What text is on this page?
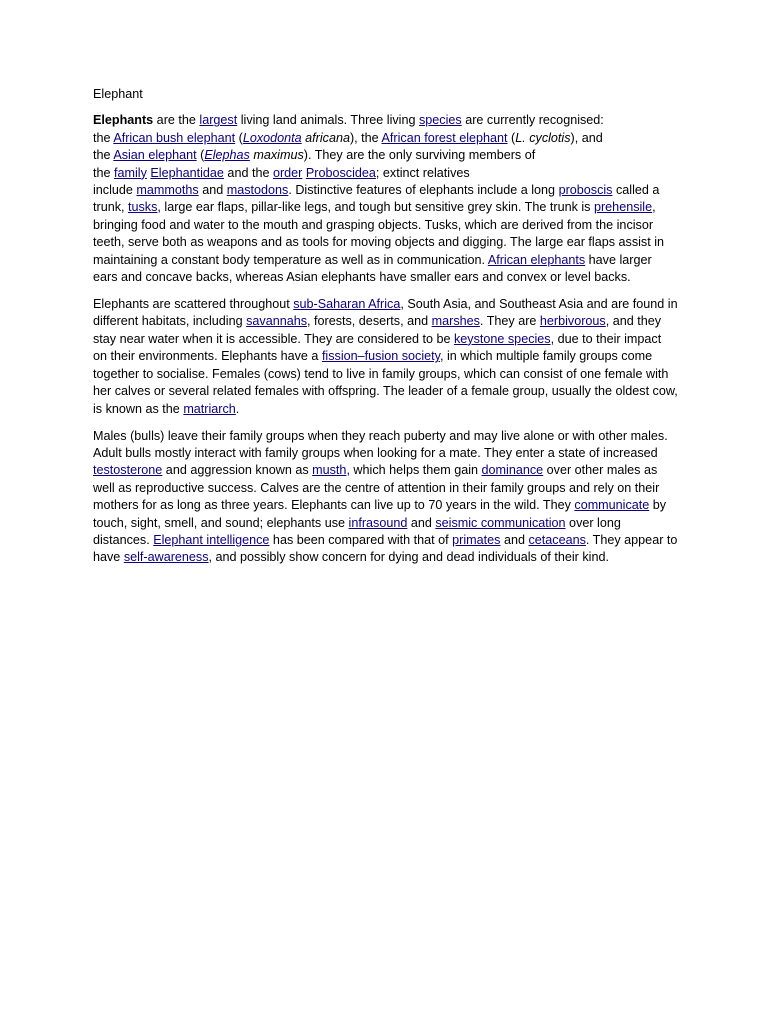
Elephant

Elephants are the largest living land animals. Three living species are currently recognised:
the African bush elephant (Loxodonta africana), the African forest elephant (L. cyclotis), and
the Asian elephant (Elephas maximus). They are the only surviving members of
the family Elephantidae and the order Proboscidea; extinct relatives
include mammoths and mastodons. Distinctive features of elephants include a long proboscis called a trunk, tusks, large ear flaps, pillar-like legs, and tough but sensitive grey skin. The trunk is prehensile, bringing food and water to the mouth and grasping objects. Tusks, which are derived from the incisor teeth, serve both as weapons and as tools for moving objects and digging. The large ear flaps assist in maintaining a constant body temperature as well as in communication. African elephants have larger ears and concave backs, whereas Asian elephants have smaller ears and convex or level backs.

Elephants are scattered throughout sub-Saharan Africa, South Asia, and Southeast Asia and are found in different habitats, including savannahs, forests, deserts, and marshes. They are herbivorous, and they stay near water when it is accessible. They are considered to be keystone species, due to their impact on their environments. Elephants have a fission–fusion society, in which multiple family groups come together to socialise. Females (cows) tend to live in family groups, which can consist of one female with her calves or several related females with offspring. The leader of a female group, usually the oldest cow, is known as the matriarch.

Males (bulls) leave their family groups when they reach puberty and may live alone or with other males. Adult bulls mostly interact with family groups when looking for a mate. They enter a state of increased testosterone and aggression known as musth, which helps them gain dominance over other males as well as reproductive success. Calves are the centre of attention in their family groups and rely on their mothers for as long as three years. Elephants can live up to 70 years in the wild. They communicate by touch, sight, smell, and sound; elephants use infrasound and seismic communication over long distances. Elephant intelligence has been compared with that of primates and cetaceans. They appear to have self-awareness, and possibly show concern for dying and dead individuals of their kind.
